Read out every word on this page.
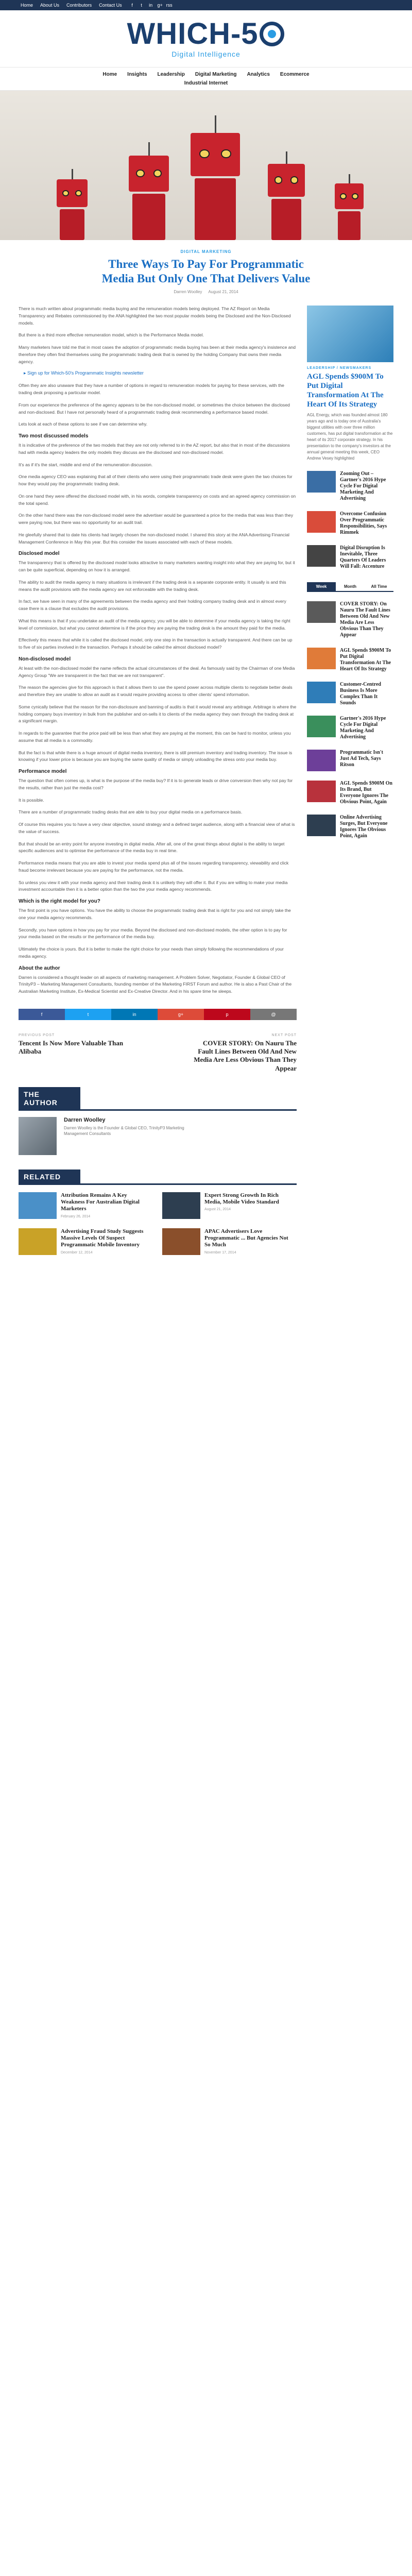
Home	About Us	Contributors	Contact Us	f	t	in g+ rss
WHICH-5
Digital Intelligence
Home Insights Leadership Digital Marketing Analytics Ecommerce
Industrial Internet
DIGITAL MARKETING
Three Ways To Pay For Programmatic Media But Only One That Delivers Value
Darren Woolley August 21, 2014

There is much written about programmatic media buying and the remuneration models being deployed. The AZ Report on Media Transparency and Rebates commissioned by the ANA highlighted the two most popular models being the Disclosed and the Non-Disclosed models.

But there is a third more effective remuneration model, which is the Performance Media model.

Many marketers have told me that in most cases the adoption of programmatic media buying has been at their media agency's insistence and therefore they often find themselves using the programmatic trading desk that is owned by the holding Company that owns their media agency.

▸ Sign up for Which-50's Programmatic Insights newsletter

Often they are also unaware that they have a number of options in regard to remuneration models for paying for these services, with the trading desk proposing a particular model.

From our experience the preference of the agency appears to be the non-disclosed model, or sometimes the choice between the disclosed and non-disclosed. But I have not personally heard of a programmatic trading desk recommending a performance based model.

Lets look at each of these options to see if we can determine why.

Two most discussed models

It is indicative of the preference of the two models that they are not only referred to in the AZ report, but also that in most of the discussions had with media agency leaders the only models they discuss are the disclosed and non-disclosed model.

It's as if it's the start, middle and end of the remuneration discussion.

One media agency CEO was explaining that all of their clients who were using their programmatic trade desk were given the two choices for how they would pay the programmatic trading desk.

On one hand they were offered the disclosed model with, in his words, complete transparency on costs and an agreed agency commission on the total spend.

On the other hand there was the non-disclosed model were the advertiser would be guaranteed a price for the media that was less than they were paying now, but there was no opportunity for an audit trail.

He gleefully shared that to date his clients had largely chosen the non-disclosed model. I shared this story at the ANA Advertising Financial Management Conference in May this year. But this consider the issues associated with each of these models.

Disclosed model

The transparency that is offered by the disclosed model looks attractive to many marketers wanting insight into what they are paying for, but it can be quite superficial, depending on how it is arranged.

The ability to audit the media agency is many situations is irrelevant if the trading desk is a separate corporate entity. It usually is and this means the audit provisions with the media agency are not enforceable with the trading desk.

In fact, we have seen in many of the agreements between the media agency and their holding company trading desk and in almost every case there is a clause that excludes the audit provisions.

What this means is that if you undertake an audit of the media agency, you will be able to determine if your media agency is taking the right level of commission, but what you cannot determine is if the price they are paying the trading desk is the amount they paid for the media.

Effectively this means that while it is called the disclosed model, only one step in the transaction is actually transparent. And there can be up to five of six parties involved in the transaction. Perhaps it should be called the almost disclosed model?

Non-disclosed model

At least with the non-disclosed model the name reflects the actual circumstances of the deal. As famously said by the Chairman of one Media Agency Group "We are transparent in the fact that we are not transparent".

The reason the agencies give for this approach is that it allows them to use the spend power across multiple clients to negotiate better deals and therefore they are unable to allow an audit as it would require providing access to other clients' spend information.

Some cynically believe that the reason for the non-disclosure and banning of audits is that it would reveal any arbitrage. Arbitrage is where the holding company buys inventory in bulk from the publisher and on-sells it to clients of the media agency they own through the trading desk at a significant margin.

In regards to the guarantee that the price paid will be less than what they are paying at the moment, this can be hard to monitor, unless you assume that all media is a commodity.

But the fact is that while there is a huge amount of digital media inventory, there is still premium inventory and trading inventory. The issue is knowing if your lower price is because you are buying the same quality of media or simply unloading the stress onto your media buy.

Performance model

The question that often comes up, is what is the purpose of the media buy? If it is to generate leads or drive conversion then why not pay for the results, rather than just the media cost?

It is possible.

There are a number of programmatic trading desks that are able to buy your digital media on a performance basis.

Of course this requires you to have a very clear objective, sound strategy and a defined target audience, along with a financial view of what is the value of success.

But that should be an entry point for anyone investing in digital media. After all, one of the great things about digital is the ability to target specific audiences and to optimise the performance of the media buy in real time.

Performance media means that you are able to invest your media spend plus all of the issues regarding transparency, viewability and click fraud become irrelevant because you are paying for the performance, not the media.

So unless you view it with your media agency and their trading desk it is unlikely they will offer it. But if you are willing to make your media investment accountable then it is a better option than the two the your media agency recommends.

Which is the right model for you?

The first point is you have options. You have the ability to choose the programmatic trading desk that is right for you and not simply take the one your media agency recommends.

Secondly, you have options in how you pay for your media. Beyond the disclosed and non-disclosed models, the other option is to pay for your media based on the results or the performance of the media buy.

Ultimately the choice is yours. But it is better to make the right choice for your needs than simply following the recommendations of your media agency.

About the author

Darren is considered a thought leader on all aspects of marketing management. A Problem Solver, Negotiator, Founder & Global CEO of TrinityP3 – Marketing Management Consultants, founding member of the Marketing FIRST Forum and author. He is also a Past Chair of the Australian Marketing Institute, Ex-Medical Scientist and Ex-Creative Director. And in his spare time he sleeps.

f	t	in	g+	p	@
PREVIOUS POST
Tencent Is Now More Valuable Than Alibaba
NEXT POST
COVER STORY: On Nauru The Fault Lines Between Old And New Media Are Less Obvious Than They Appear
THE AUTHOR
Darren Woolley
Darren Woolley is the Founder & Global CEO, TrinityP3 Marketing Management Consultants
RELATED
Attribution Remains A Key Weakness For Australian Digital Marketers
February 26, 2014
Expert Strong Growth In Rich Media, Mobile Video Standard
August 21, 2014
Advertising Fraud Study Suggests Massive Levels Of Suspect Programmatic Mobile Inventory
December 12, 2014
APAC Advertisers Love Programmatic ... But Agencies Not So Much
November 17, 2014
LEADERSHIP / NEWSMAKERS
AGL Spends $900M To Put Digital Transformation At The Heart Of Its Strategy
AGL Energy, which was founded almost 180 years ago and is today one of Australia's biggest utilities with over three million customers, has put digital transformation at the heart of its 2017 corporate strategy. In his presentation to the company's investors at the annual general meeting this week, CEO Andrew Vesey highlighted
Zooming Out – Gartner's 2016 Hype Cycle For Digital Marketing And Advertising
Overcome Confusion Over Programmatic Responsibilities, Says Rimmek
Digital Disruption Is Inevitable, Three Quarters Of Leaders Will Fall: Accenture
Week	Month	All Time
COVER STORY: On Nauru The Fault Lines Between Old And New Media Are Less Obvious Than They Appear
AGL Spends $900M To Put Digital Transformation At The Heart Of Its Strategy
Customer-Centred Business Is More Complex Than It Sounds
Gartner's 2016 Hype Cycle For Digital Marketing And Advertising
Programmatic Isn't Just Ad Tech, Says Ritson
AGL Spends $900M On Its Brand, But Everyone Ignores The Obvious Point, Again
Online Advertising Surges, But Everyone Ignores The Obvious Point, Again
